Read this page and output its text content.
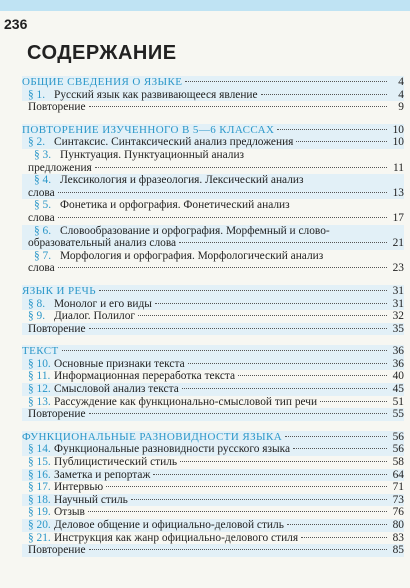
236
СОДЕРЖАНИЕ
ОБЩИЕ СВЕДЕНИЯ О ЯЗЫКЕ	4
§ 1. Русский язык как развивающееся явление	4
Повторение	9
ПОВТОРЕНИЕ ИЗУЧЕННОГО В 5—6 КЛАССАХ	10
§ 2. Синтаксис. Синтаксический анализ предложения	10
§ 3. Пунктуация. Пунктуационный анализ
предложения	11
§ 4. Лексикология и фразеология. Лексический анализ
слова	13
§ 5. Фонетика и орфография. Фонетический анализ
слова	17
§ 6. Словообразование и орфография. Морфемный и слово-
образовательный анализ слова	21
§ 7. Морфология и орфография. Морфологический анализ
слова	23
ЯЗЫК И РЕЧЬ	31
§ 8. Монолог и его виды	31
§ 9. Диалог. Полилог	32
Повторение	35
ТЕКСТ	36
§ 10. Основные признаки текста	36
§ 11. Информационная переработка текста	40
§ 12. Смысловой анализ текста	45
§ 13. Рассуждение как функционально-смысловой тип речи	51
Повторение	55
ФУНКЦИОНАЛЬНЫЕ РАЗНОВИДНОСТИ ЯЗЫКА	56
§ 14. Функциональные разновидности русского языка	56
§ 15. Публицистический стиль	58
§ 16. Заметка и репортаж	64
§ 17. Интервью	71
§ 18. Научный стиль	73
§ 19. Отзыв	76
§ 20. Деловое общение и официально-деловой стиль	80
§ 21. Инструкция как жанр официально-делового стиля	83
Повторение	85
